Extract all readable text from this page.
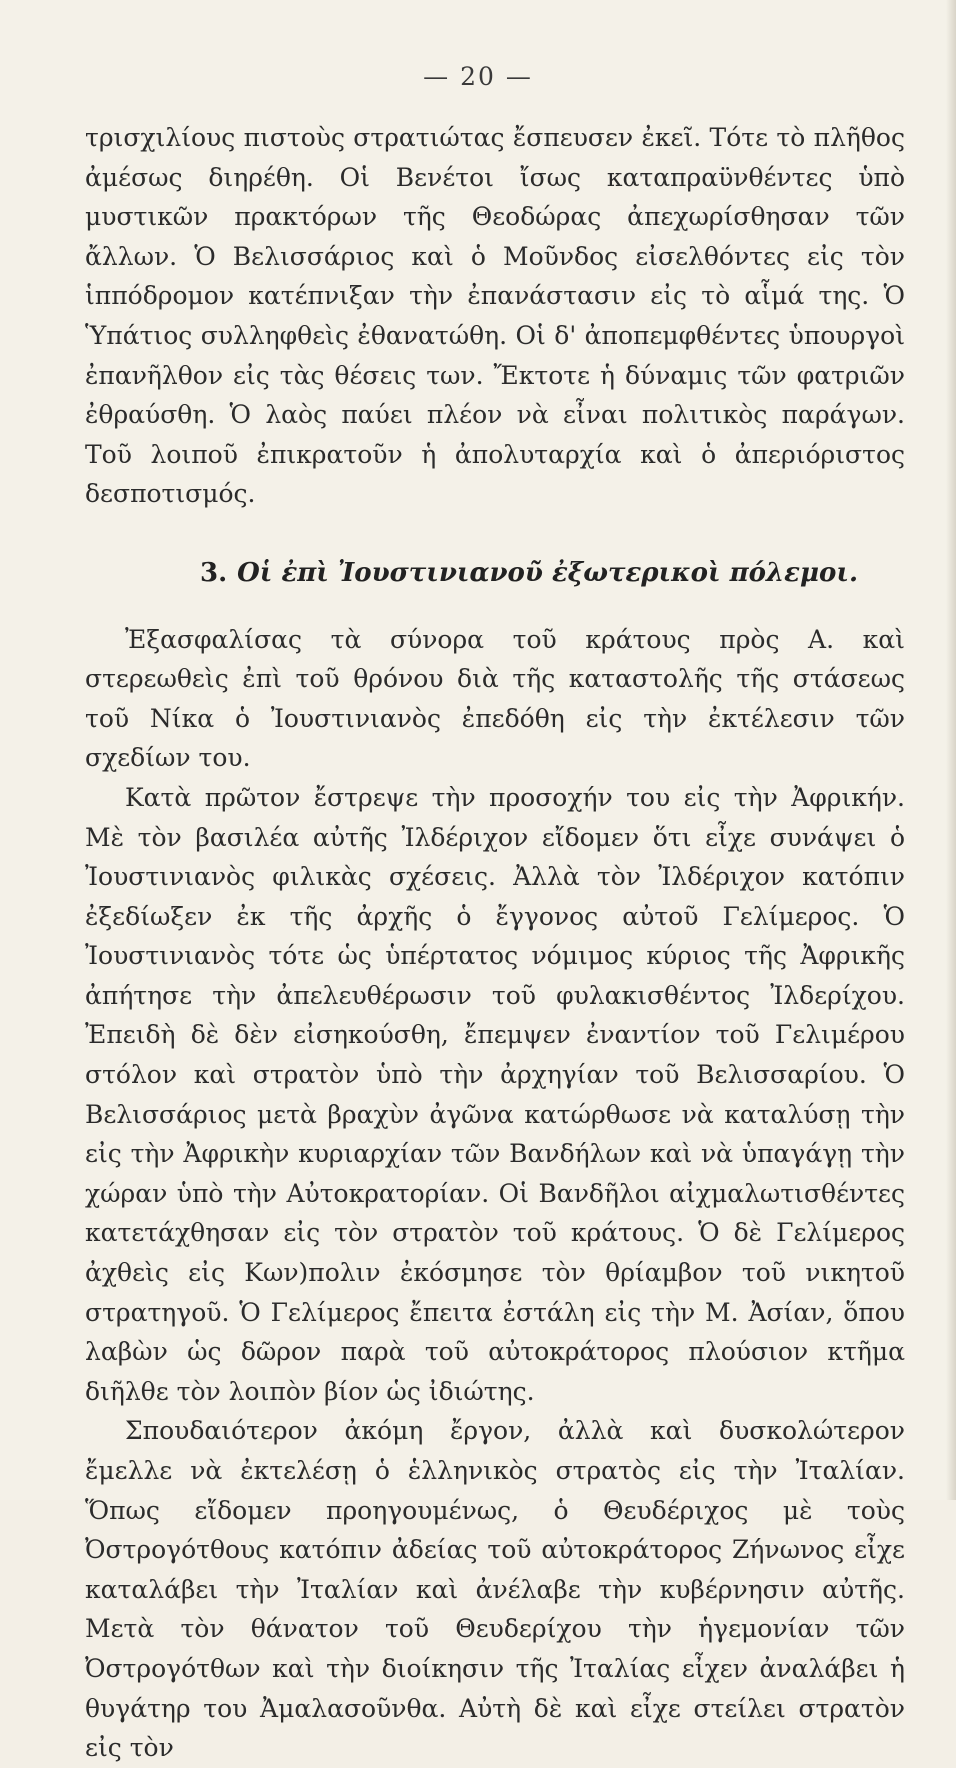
— 20 —

τρισχιλίους πιστοὺς στρατιώτας ἔσπευσεν ἐκεῖ. Τότε τὸ πλῆθος ἀμέσως διηρέθη. Οἱ Βενέτοι ἴσως καταπραϋνθέντες ὑπὸ μυστικῶν πρακτόρων τῆς Θεοδώρας ἀπεχωρίσθησαν τῶν ἄλλων. Ὁ Βελισσάριος καὶ ὁ Μοῦνδος εἰσελθόντες εἰς τὸν ἱππόδρομον κατέπνιξαν τὴν ἐπανάστασιν εἰς τὸ αἷμά της. Ὁ Ὑπάτιος συλληφθεὶς ἐθανατώθη. Οἱ δ' ἀποπεμφθέντες ὑπουργοὶ ἐπανῆλθον εἰς τὰς θέσεις των. Ἔκτοτε ἡ δύναμις τῶν φατριῶν ἐθραύσθη. Ὁ λαὸς παύει πλέον νὰ εἶναι πολιτικὸς παράγων. Τοῦ λοιποῦ ἐπικρατοῦν ἡ ἀπολυταρχία καὶ ὁ ἀπεριόριστος δεσποτισμός.

3. Οἱ ἐπὶ Ἰουστινιανοῦ ἐξωτερικοὶ πόλεμοι.

Ἐξασφαλίσας τὰ σύνορα τοῦ κράτους πρὸς Α. καὶ στερεωθεὶς ἐπὶ τοῦ θρόνου διὰ τῆς καταστολῆς τῆς στάσεως τοῦ Νίκα ὁ Ἰουστινιανὸς ἐπεδόθη εἰς τὴν ἐκτέλεσιν τῶν σχεδίων του.

Κατὰ πρῶτον ἔστρεψε τὴν προσοχήν του εἰς τὴν Ἀφρικήν. Μὲ τὸν βασιλέα αὐτῆς Ἰλδέριχον εἴδομεν ὅτι εἶχε συνάψει ὁ Ἰουστινιανὸς φιλικὰς σχέσεις. Ἀλλὰ τὸν Ἰλδέριχον κατόπιν ἐξεδίωξεν ἐκ τῆς ἀρχῆς ὁ ἔγγονος αὐτοῦ Γελίμερος. Ὁ Ἰουστινιανὸς τότε ὡς ὑπέρτατος νόμιμος κύριος τῆς Ἀφρικῆς ἀπήτησε τὴν ἀπελευθέρωσιν τοῦ φυλακισθέντος Ἰλδερίχου. Ἐπειδὴ δὲ δὲν εἰσηκούσθη, ἔπεμψεν ἐναντίον τοῦ Γελιμέρου στόλον καὶ στρατὸν ὑπὸ τὴν ἀρχηγίαν τοῦ Βελισσαρίου. Ὁ Βελισσάριος μετὰ βραχὺν ἀγῶνα κατώρθωσε νὰ καταλύσῃ τὴν εἰς τὴν Ἀφρικὴν κυριαρχίαν τῶν Βανδήλων καὶ νὰ ὑπαγάγῃ τὴν χώραν ὑπὸ τὴν Αὐτοκρατορίαν. Οἱ Βανδῆλοι αἰχμαλωτισθέντες κατετάχθησαν εἰς τὸν στρατὸν τοῦ κράτους. Ὁ δὲ Γελίμερος ἀχθεὶς εἰς Κων)πολιν ἐκόσμησε τὸν θρίαμβον τοῦ νικητοῦ στρατηγοῦ. Ὁ Γελίμερος ἔπειτα ἐστάλη εἰς τὴν Μ. Ἀσίαν, ὅπου λαβὼν ὡς δῶρον παρὰ τοῦ αὐτοκράτορος πλούσιον κτῆμα διῆλθε τὸν λοιπὸν βίον ὡς ἰδιώτης.

Σπουδαιότερον ἀκόμη ἔργον, ἀλλὰ καὶ δυσκολώτερον ἔμελλε νὰ ἐκτελέσῃ ὁ ἑλληνικὸς στρατὸς εἰς τὴν Ἰταλίαν. Ὅπως εἴδομεν προηγουμένως, ὁ Θευδέριχος μὲ τοὺς Ὀστρογότθους κατόπιν ἀδείας τοῦ αὐτοκράτορος Ζήνωνος εἶχε καταλάβει τὴν Ἰταλίαν καὶ ἀνέλαβε τὴν κυβέρνησιν αὐτῆς. Μετὰ τὸν θάνατον τοῦ Θευδερίχου τὴν ἡγεμονίαν τῶν Ὀστρογότθων καὶ τὴν διοίκησιν τῆς Ἰταλίας εἶχεν ἀναλάβει ἡ θυγάτηρ του Ἀμαλασοῦνθα. Αὐτὴ δὲ καὶ εἶχε στείλει στρατὸν εἰς τὸν
